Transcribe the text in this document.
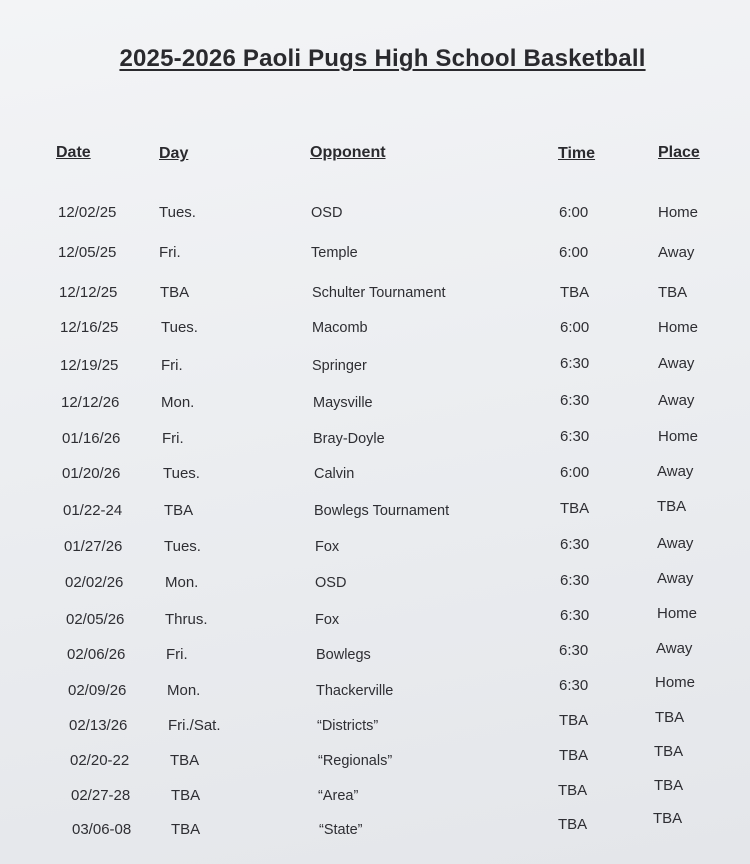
2025-2026 Paoli Pugs High School Basketball
Date	Day	Opponent	Time	Place
12/02/25	Tues.	OSD	6:00	Home
12/05/25	Fri.	Temple	6:00	Away
12/12/25	TBA	Schulter Tournament	TBA	TBA
12/16/25	Tues.	Macomb	6:00	Home
12/19/25	Fri.	Springer	6:30	Away
12/12/26	Mon.	Maysville	6:30	Away
01/16/26	Fri.	Bray-Doyle	6:30	Home
01/20/26	Tues.	Calvin	6:00	Away
01/22-24	TBA	Bowlegs Tournament	TBA	TBA
01/27/26	Tues.	Fox	6:30	Away
02/02/26	Mon.	OSD	6:30	Away
02/05/26	Thrus.	Fox	6:30	Home
02/06/26	Fri.	Bowlegs	6:30	Away
02/09/26	Mon.	Thackerville	6:30	Home
02/13/26	Fri./Sat.	“Districts”	TBA	TBA
02/20-22	TBA	“Regionals”	TBA	TBA
02/27-28	TBA	“Area”	TBA	TBA
03/06-08	TBA	“State”	TBA	TBA
